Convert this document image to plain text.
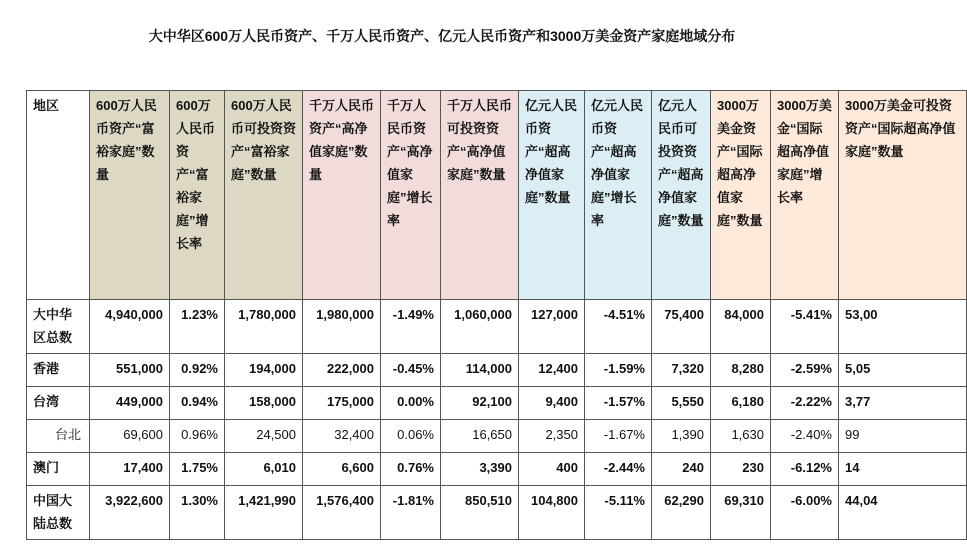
大中华区600万人民币资产、千万人民币资产、亿元人民币资产和3000万美金资产家庭地域分布
地区	600万人民币资产“富裕家庭”数量	600万人民币资产“富裕家庭”增长率	600万人民币可投资资产“富裕家庭”数量	千万人民币资产“高净值家庭”数量	千万人民币资产“高净值家庭”增长率	千万人民币可投资资产“高净值家庭”数量	亿元人民币资产“超高净值家庭”数量	亿元人民币资产“超高净值家庭”增长率	亿元人民币可投资资产“超高净值家庭”数量	3000万美金资产“国际超高净值家庭”数量	3000万美金“国际超高净值家庭”增长率	3000万美金可投资资产“国际超高净值家庭”数量
大中华区总数	4,940,000	1.23%	1,780,000	1,980,000	-1.49%	1,060,000	127,000	-4.51%	75,400	84,000	-5.41%	53,00
香港	551,000	0.92%	194,000	222,000	-0.45%	114,000	12,400	-1.59%	7,320	8,280	-2.59%	5,05
台湾	449,000	0.94%	158,000	175,000	0.00%	92,100	9,400	-1.57%	5,550	6,180	-2.22%	3,77
台北	69,600	0.96%	24,500	32,400	0.06%	16,650	2,350	-1.67%	1,390	1,630	-2.40%	99
澳门	17,400	1.75%	6,010	6,600	0.76%	3,390	400	-2.44%	240	230	-6.12%	14
中国大陆总数	3,922,600	1.30%	1,421,990	1,576,400	-1.81%	850,510	104,800	-5.11%	62,290	69,310	-6.00%	44,04
